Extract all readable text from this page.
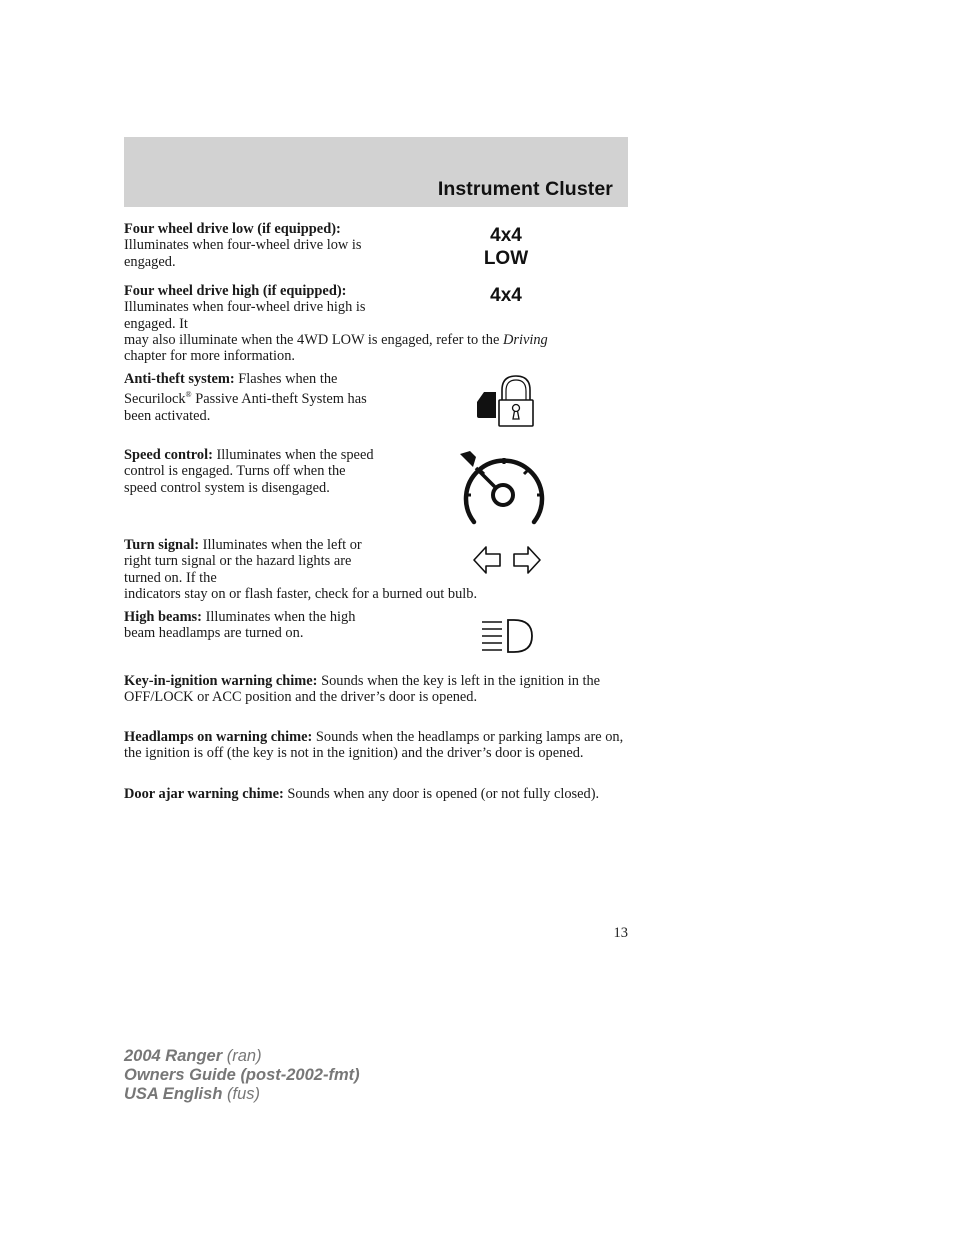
Instrument Cluster
Four wheel drive low (if equipped): Illuminates when four-wheel drive low is engaged.
4x4
LOW
Four wheel drive high (if equipped): Illuminates when four-wheel drive high is engaged. It
may also illuminate when the 4WD LOW is engaged, refer to the Driving
chapter for more information.
4x4
Anti-theft system: Flashes when the Securilock® Passive Anti-theft System has been activated.
Speed control: Illuminates when the speed control is engaged. Turns off when the speed control system is disengaged.
Turn signal: Illuminates when the left or right turn signal or the hazard lights are turned on. If the
indicators stay on or flash faster, check for a burned out bulb.
High beams: Illuminates when the high beam headlamps are turned on.
Key-in-ignition warning chime: Sounds when the key is left in the ignition in the OFF/LOCK or ACC position and the driver’s door is opened.
Headlamps on warning chime: Sounds when the headlamps or parking lamps are on, the ignition is off (the key is not in the ignition) and the driver’s door is opened.
Door ajar warning chime: Sounds when any door is opened (or not fully closed).
13
2004 Ranger (ran)
Owners Guide (post-2002-fmt)
USA English (fus)
